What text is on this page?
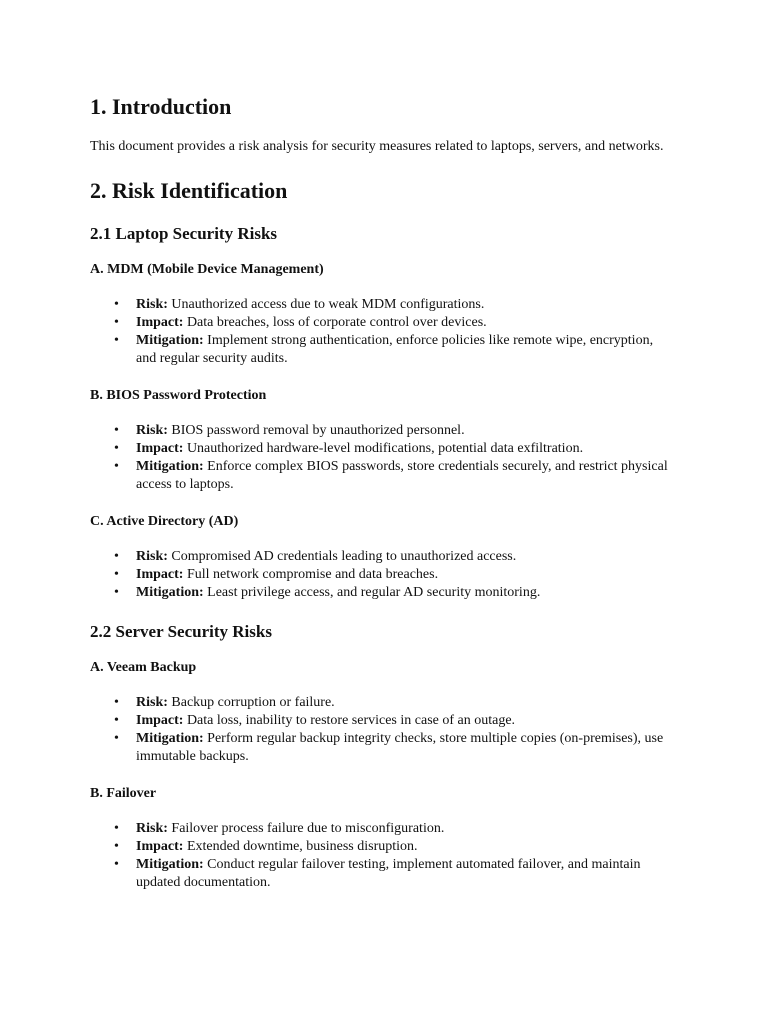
1. Introduction

This document provides a risk analysis for security measures related to laptops, servers, and networks.

2. Risk Identification
2.1 Laptop Security Risks
A. MDM (Mobile Device Management)
• Risk: Unauthorized access due to weak MDM configurations.
• Impact: Data breaches, loss of corporate control over devices.
• Mitigation: Implement strong authentication, enforce policies like remote wipe, encryption, and regular security audits.
B. BIOS Password Protection
• Risk: BIOS password removal by unauthorized personnel.
• Impact: Unauthorized hardware-level modifications, potential data exfiltration.
• Mitigation: Enforce complex BIOS passwords, store credentials securely, and restrict physical access to laptops.
C. Active Directory (AD)
• Risk: Compromised AD credentials leading to unauthorized access.
• Impact: Full network compromise and data breaches.
• Mitigation: Least privilege access, and regular AD security monitoring.
2.2 Server Security Risks
A. Veeam Backup
• Risk: Backup corruption or failure.
• Impact: Data loss, inability to restore services in case of an outage.
• Mitigation: Perform regular backup integrity checks, store multiple copies (on-premises), use immutable backups.
B. Failover
• Risk: Failover process failure due to misconfiguration.
• Impact: Extended downtime, business disruption.
• Mitigation: Conduct regular failover testing, implement automated failover, and maintain updated documentation.
